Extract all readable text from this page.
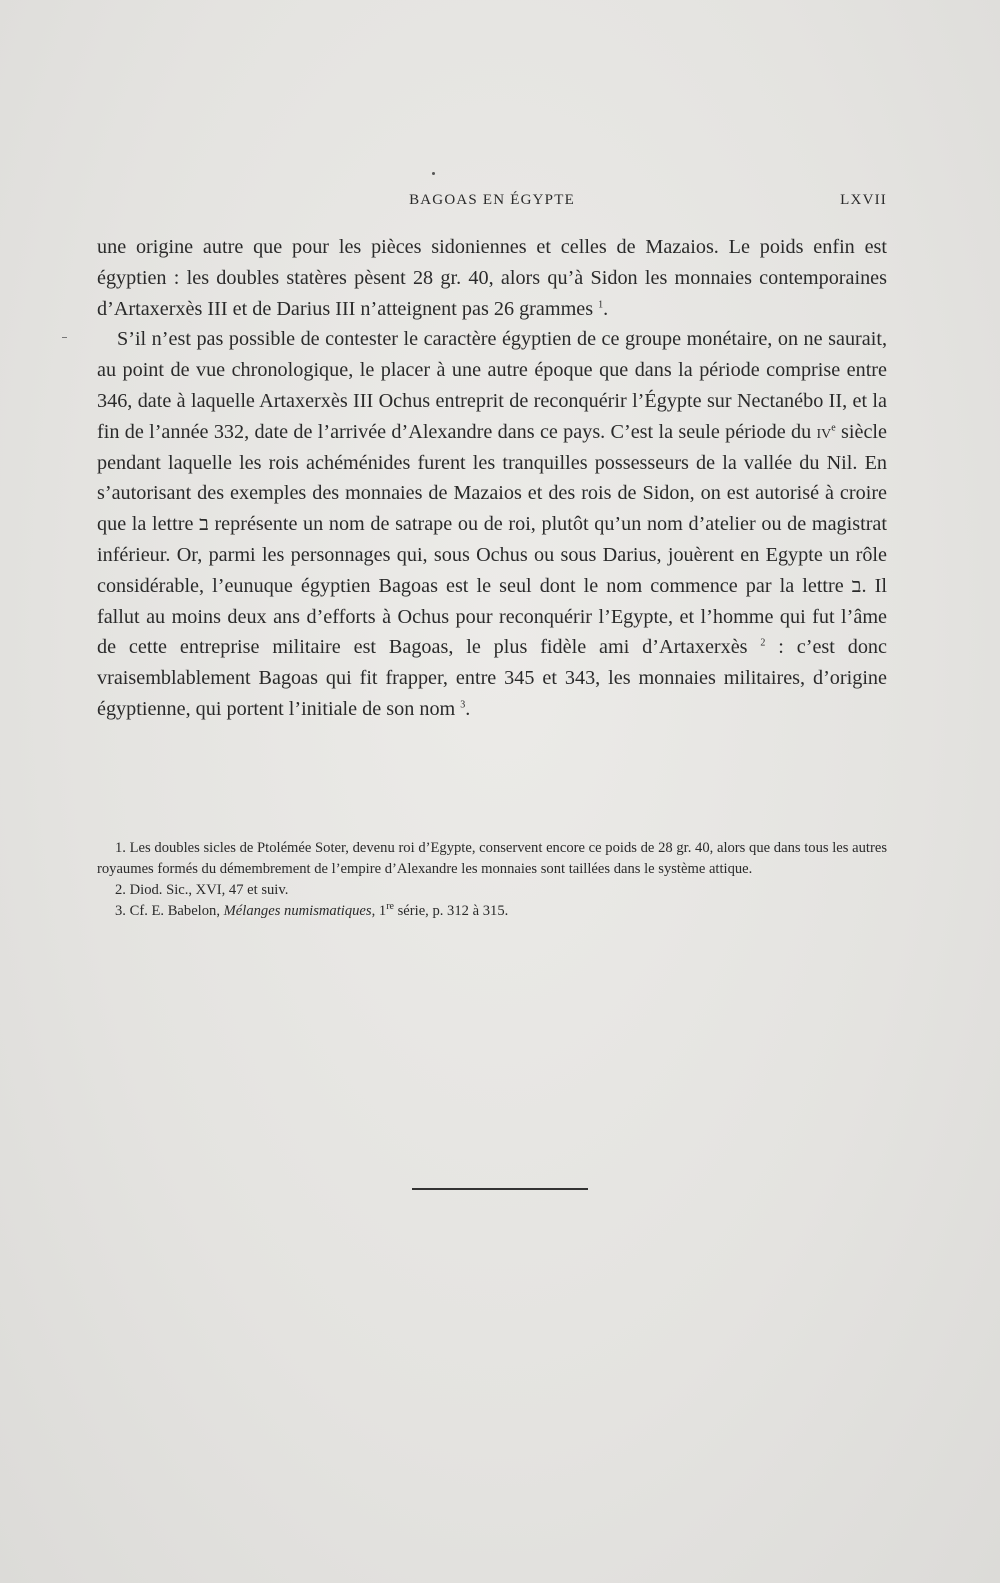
BAGOAS EN ÉGYPTE	LXVII

une origine autre que pour les pièces sidoniennes et celles de Mazaios. Le poids enfin est égyptien : les doubles statères pèsent 28 gr. 40, alors qu’à Sidon les monnaies contemporaines d’Artaxerxès III et de Darius III n’atteignent pas 26 grammes $^1$.

S’il n’est pas possible de contester le caractère égyptien de ce groupe monétaire, on ne saurait, au point de vue chronologique, le placer à une autre époque que dans la période comprise entre 346, date à laquelle Artaxerxès III Ochus entreprit de reconquérir l’Égypte sur Nectanébo II, et la fin de l’année 332, date de l’arrivée d’Alexandre dans ce pays. C’est la seule période du $iv^e$ siècle pendant laquelle les rois achéménides furent les tranquilles possesseurs de la vallée du Nil. En s’autorisant des exemples des monnaies de Mazaios et des rois de Sidon, on est autorisé à croire que la lettre ב représente un nom de satrape ou de roi, plutôt qu’un nom d’atelier ou de magistrat inférieur. Or, parmi les personnages qui, sous Ochus ou sous Darius, jouèrent en Egypte un rôle considérable, l’eunuque égyptien Bagoas est le seul dont le nom commence par la lettre ב. Il fallut au moins deux ans d’efforts à Ochus pour reconquérir l’Egypte, et l’homme qui fut l’âme de cette entreprise militaire est Bagoas, le plus fidèle ami d’Artaxerxès $^2$ : c’est donc vraisemblablement Bagoas qui fit frapper, entre 345 et 343, les monnaies militaires, d’origine égyptienne, qui portent l’initiale de son nom $^3$.

1. Les doubles sicles de Ptolémée Soter, devenu roi d’Egypte, conservent encore ce poids de 28 gr. 40, alors que dans tous les autres royaumes formés du démembrement de l’empire d’Alexandre les monnaies sont taillées dans le système attique.

2. Diod. Sic., XVI, 47 et suiv.

3. Cf. E. Babelon, Mélanges numismatiques, 1re série, p. 312 à 315.
